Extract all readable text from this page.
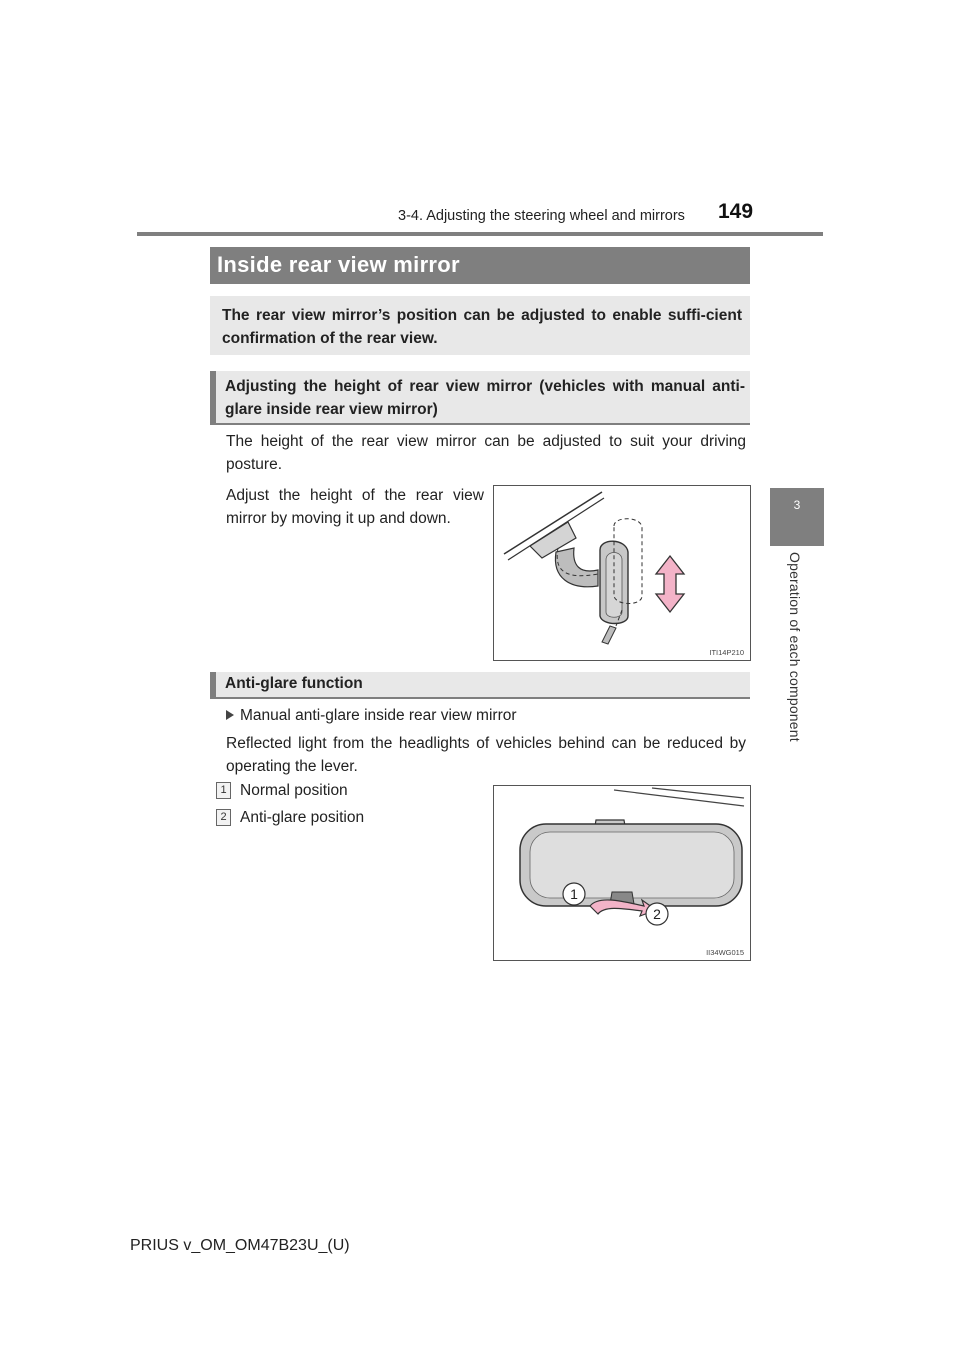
3-4. Adjusting the steering wheel and mirrors 149
3
Operation of each component
Inside rear view mirror
The rear view mirror’s position can be adjusted to enable suffi-cient confirmation of the rear view.
Adjusting the height of rear view mirror (vehicles with manual anti-glare inside rear view mirror)
The height of the rear view mirror can be adjusted to suit your driving posture.
Adjust the height of the rear view mirror by moving it up and down.
ITI14P210
Anti-glare function
Manual anti-glare inside rear view mirror
Reflected light from the headlights of vehicles behind can be reduced by operating the lever.
1 Normal position
2 Anti-glare position
1
2
II34WG015
PRIUS v_OM_OM47B23U_(U)
